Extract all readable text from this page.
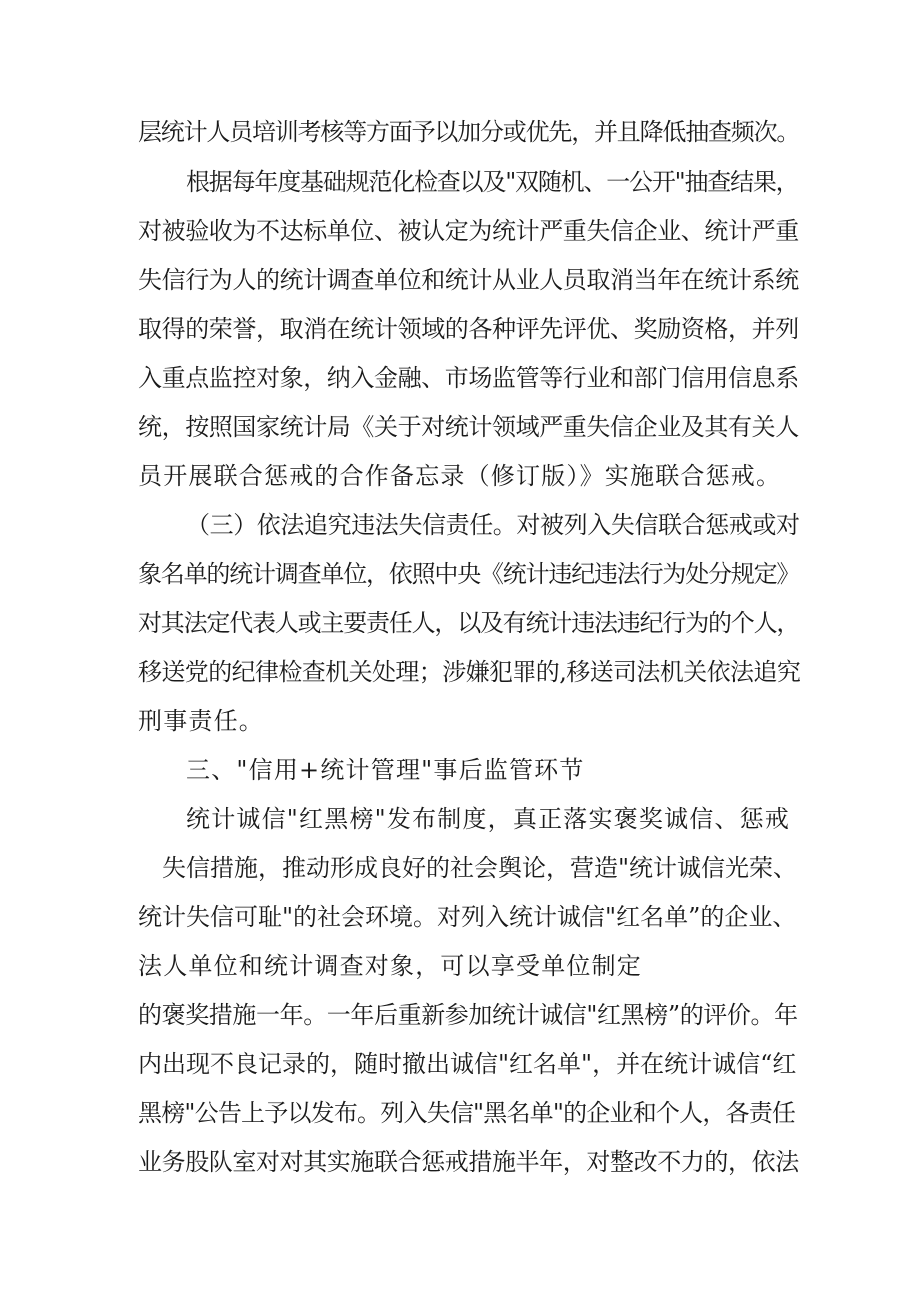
层统计人员培训考核等方面予以加分或优先，并且降低抽查频次。
根据每年度基础规范化检查以及"双随机、一公开"抽查结果，
对被验收为不达标单位、被认定为统计严重失信企业、统计严重
失信行为人的统计调查单位和统计从业人员取消当年在统计系统
取得的荣誉，取消在统计领域的各种评先评优、奖励资格，并列
入重点监控对象，纳入金融、市场监管等行业和部门信用信息系
统，按照国家统计局《关于对统计领域严重失信企业及其有关人
员开展联合惩戒的合作备忘录（修订版）》实施联合惩戒。
（三）依法追究违法失信责任。对被列入失信联合惩戒或对
象名单的统计调查单位，依照中央《统计违纪违法行为处分规定》
对其法定代表人或主要责任人，以及有统计违法违纪行为的个人，
移送党的纪律检查机关处理；涉嫌犯罪的,移送司法机关依法追究
刑事责任。
三、"信用+统计管理"事后监管环节
统计诚信"红黑榜"发布制度，真正落实褒奖诚信、惩戒
失信措施，推动形成良好的社会舆论，营造"统计诚信光荣、
统计失信可耻"的社会环境。对列入统计诚信"红名单”的企业、
法人单位和统计调查对象，可以享受单位制定
的褒奖措施一年。一年后重新参加统计诚信"红黑榜”的评价。年
内出现不良记录的，随时撤出诚信"红名单"，并在统计诚信“红
黑榜"公告上予以发布。列入失信"黑名单"的企业和个人，各责任
业务股队室对对其实施联合惩戒措施半年，对整改不力的，依法
